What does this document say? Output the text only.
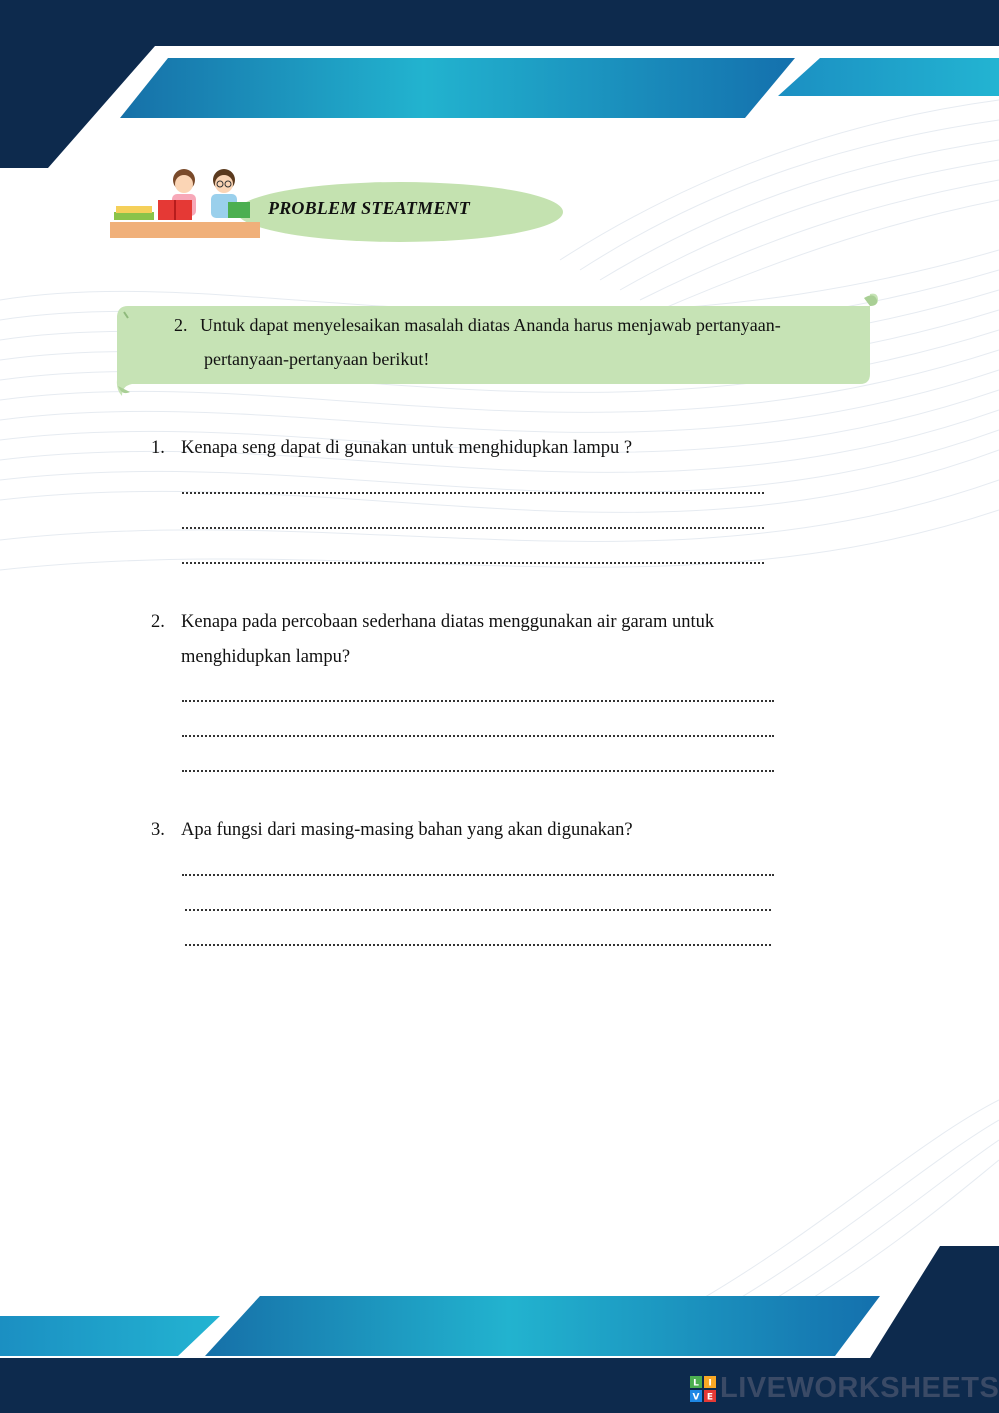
PROBLEM STEATMENT
2. Untuk dapat menyelesaikan masalah diatas Ananda harus menjawab pertanyaan-
pertanyaan-pertanyaan berikut!
1. Kenapa seng dapat di gunakan untuk menghidupkan lampu ?
2. Kenapa pada percobaan sederhana diatas menggunakan air garam untuk
menghidupkan lampu?
3. Apa fungsi dari masing-masing bahan yang akan digunakan?
L I
V E LIVEWORKSHEETS
